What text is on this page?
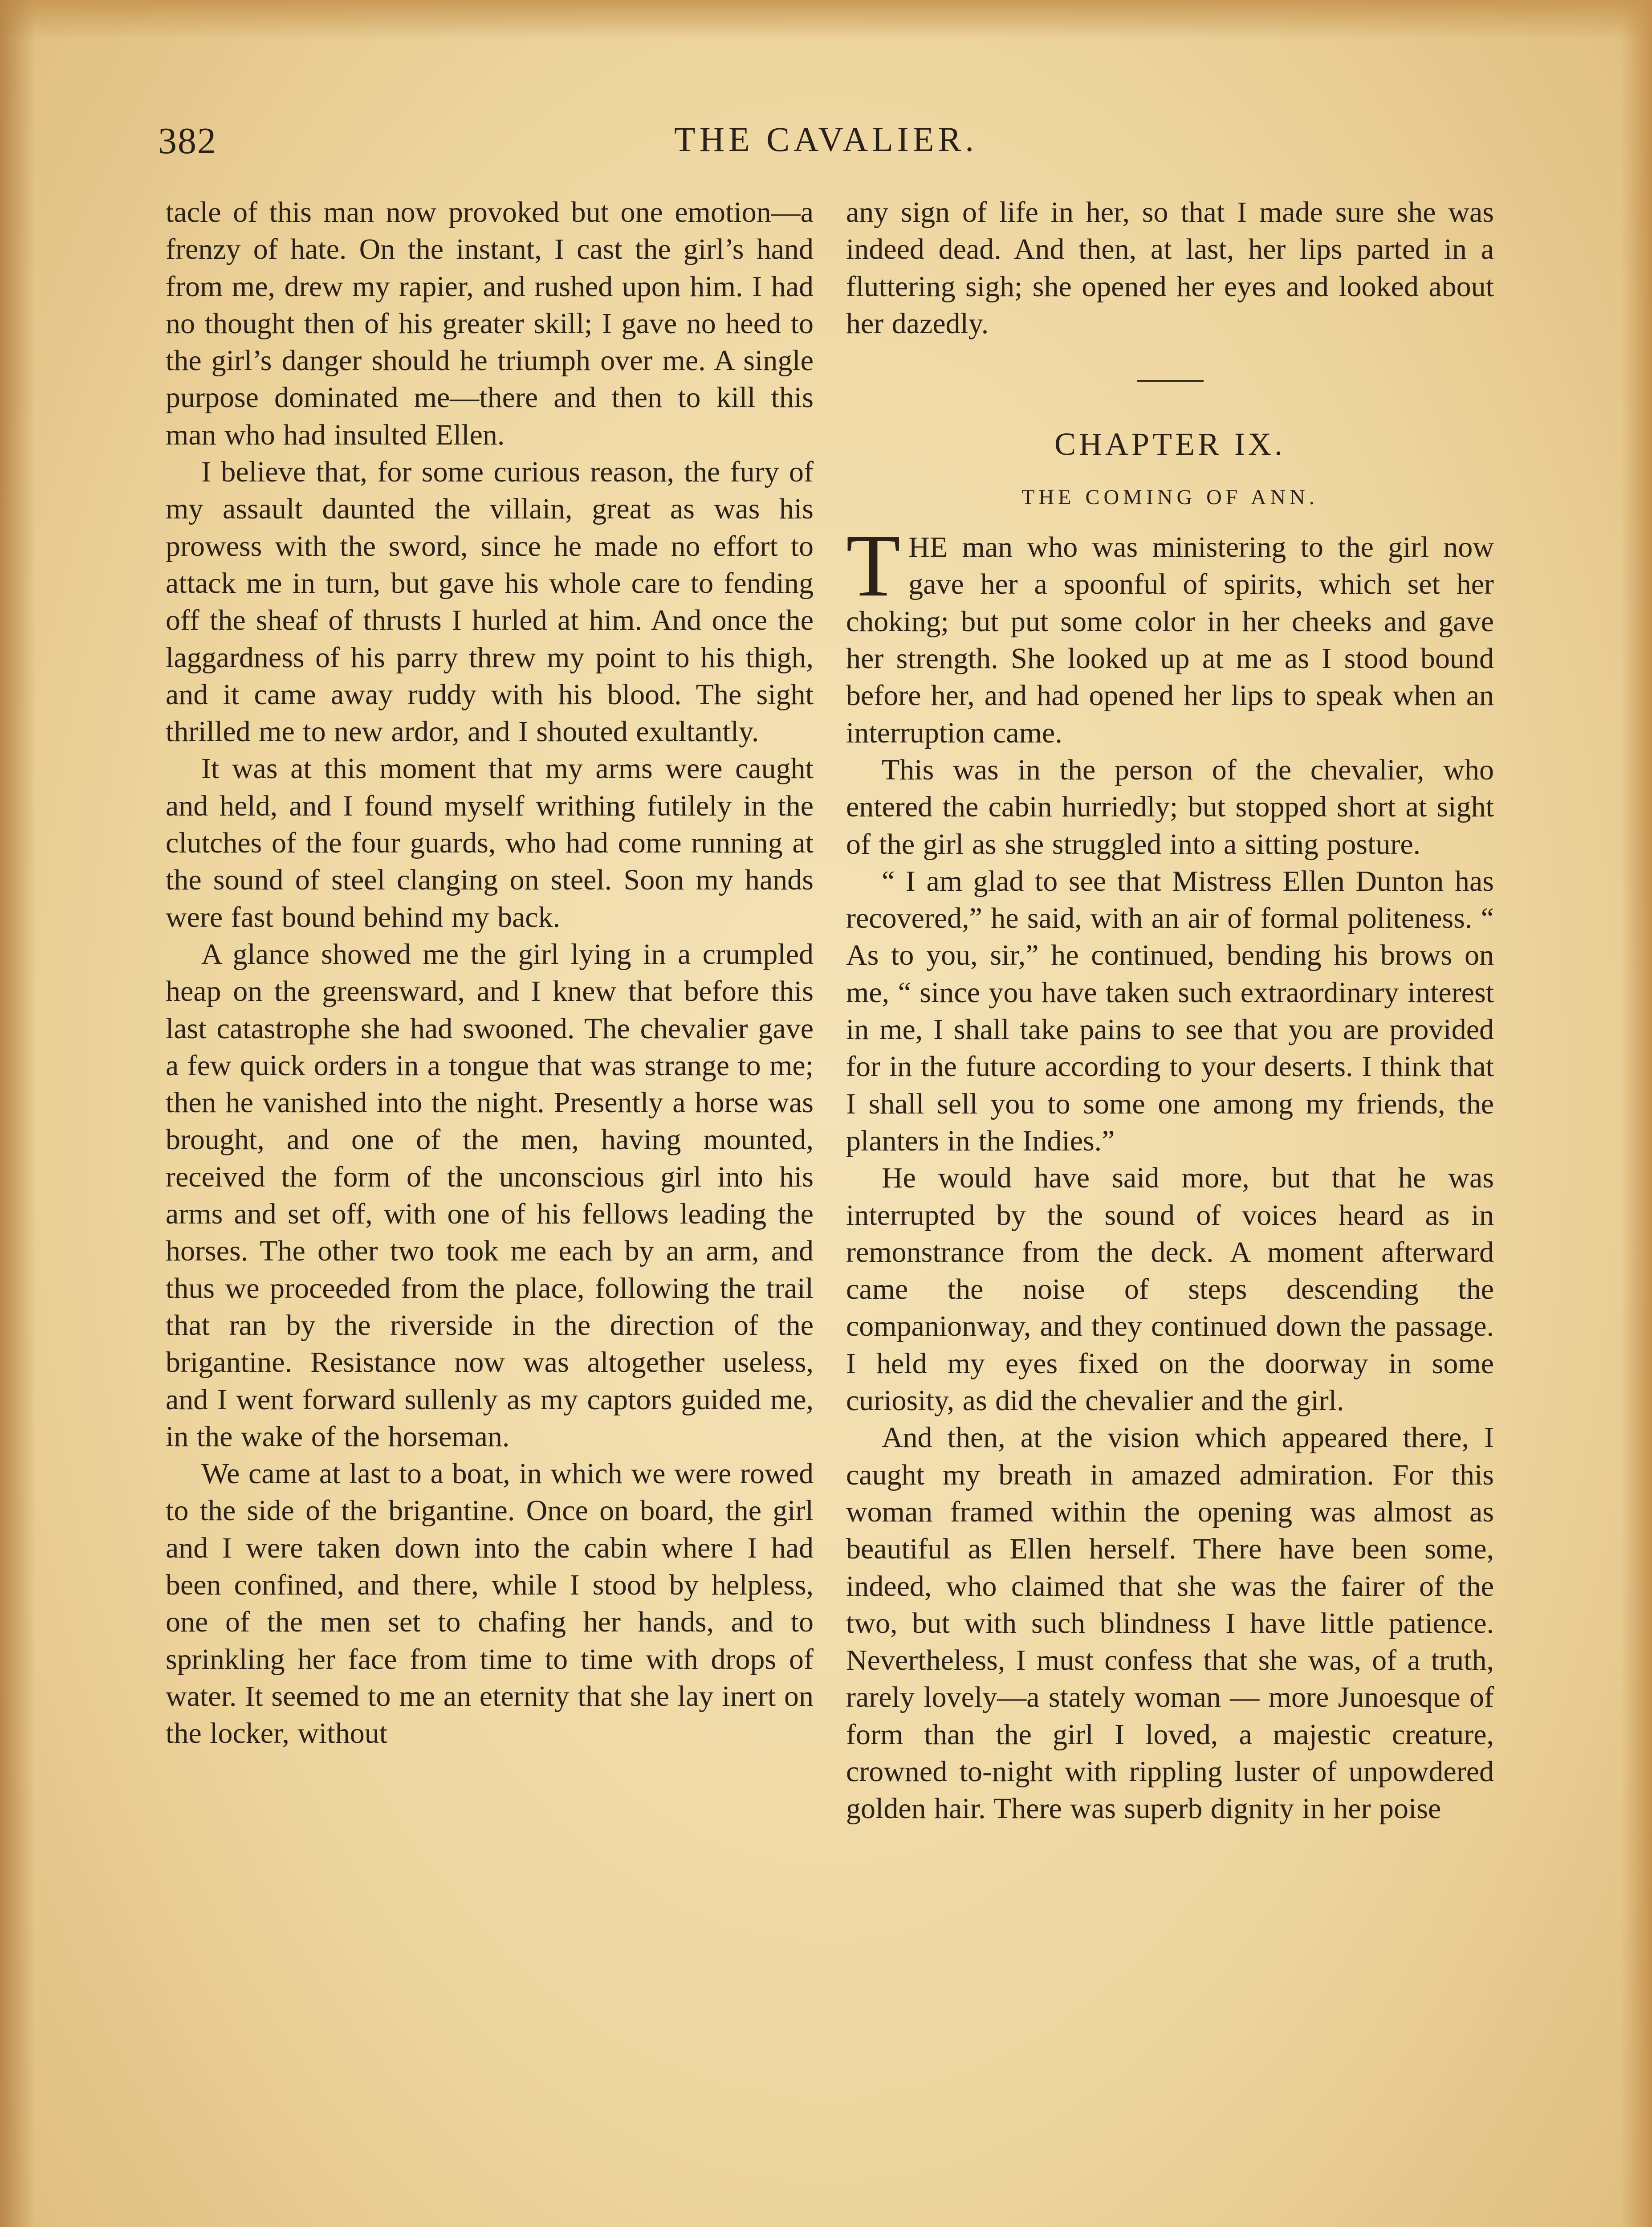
382	THE CAVALIER.

tacle of this man now provoked but one emotion—a frenzy of hate. On the instant, I cast the girl’s hand from me, drew my rapier, and rushed upon him. I had no thought then of his greater skill; I gave no heed to the girl’s danger should he triumph over me. A single purpose dominated me—there and then to kill this man who had insulted Ellen.

I believe that, for some curious reason, the fury of my assault daunted the villain, great as was his prowess with the sword, since he made no effort to attack me in turn, but gave his whole care to fending off the sheaf of thrusts I hurled at him. And once the laggardness of his parry threw my point to his thigh, and it came away ruddy with his blood. The sight thrilled me to new ardor, and I shouted exultantly.

It was at this moment that my arms were caught and held, and I found myself writhing futilely in the clutches of the four guards, who had come running at the sound of steel clanging on steel. Soon my hands were fast bound behind my back.

A glance showed me the girl lying in a crumpled heap on the greensward, and I knew that before this last catastrophe she had swooned. The chevalier gave a few quick orders in a tongue that was strange to me; then he vanished into the night. Presently a horse was brought, and one of the men, having mounted, received the form of the unconscious girl into his arms and set off, with one of his fellows leading the horses. The other two took me each by an arm, and thus we proceeded from the place, following the trail that ran by the riverside in the direction of the brigantine. Resistance now was altogether useless, and I went forward sullenly as my captors guided me, in the wake of the horseman.

We came at last to a boat, in which we were rowed to the side of the brigantine. Once on board, the girl and I were taken down into the cabin where I had been confined, and there, while I stood by helpless, one of the men set to chafing her hands, and to sprinkling her face from time to time with drops of water. It seemed to me an eternity that she lay inert on the locker, without

any sign of life in her, so that I made sure she was indeed dead. And then, at last, her lips parted in a fluttering sigh; she opened her eyes and looked about her dazedly.

CHAPTER IX.
THE COMING OF ANN.

THE man who was ministering to the girl now gave her a spoonful of spirits, which set her choking; but put some color in her cheeks and gave her strength. She looked up at me as I stood bound before her, and had opened her lips to speak when an interruption came.

This was in the person of the chevalier, who entered the cabin hurriedly; but stopped short at sight of the girl as she struggled into a sitting posture.

“ I am glad to see that Mistress Ellen Dunton has recovered,” he said, with an air of formal politeness. “ As to you, sir,” he continued, bending his brows on me, “ since you have taken such extraordinary interest in me, I shall take pains to see that you are provided for in the future according to your deserts. I think that I shall sell you to some one among my friends, the planters in the Indies.”

He would have said more, but that he was interrupted by the sound of voices heard as in remonstrance from the deck. A moment afterward came the noise of steps descending the companionway, and they continued down the passage. I held my eyes fixed on the doorway in some curiosity, as did the chevalier and the girl.

And then, at the vision which appeared there, I caught my breath in amazed admiration. For this woman framed within the opening was almost as beautiful as Ellen herself. There have been some, indeed, who claimed that she was the fairer of the two, but with such blindness I have little patience. Nevertheless, I must confess that she was, of a truth, rarely lovely—a stately woman — more Junoesque of form than the girl I loved, a majestic creature, crowned to-night with rippling luster of unpowdered golden hair. There was superb dignity in her poise
